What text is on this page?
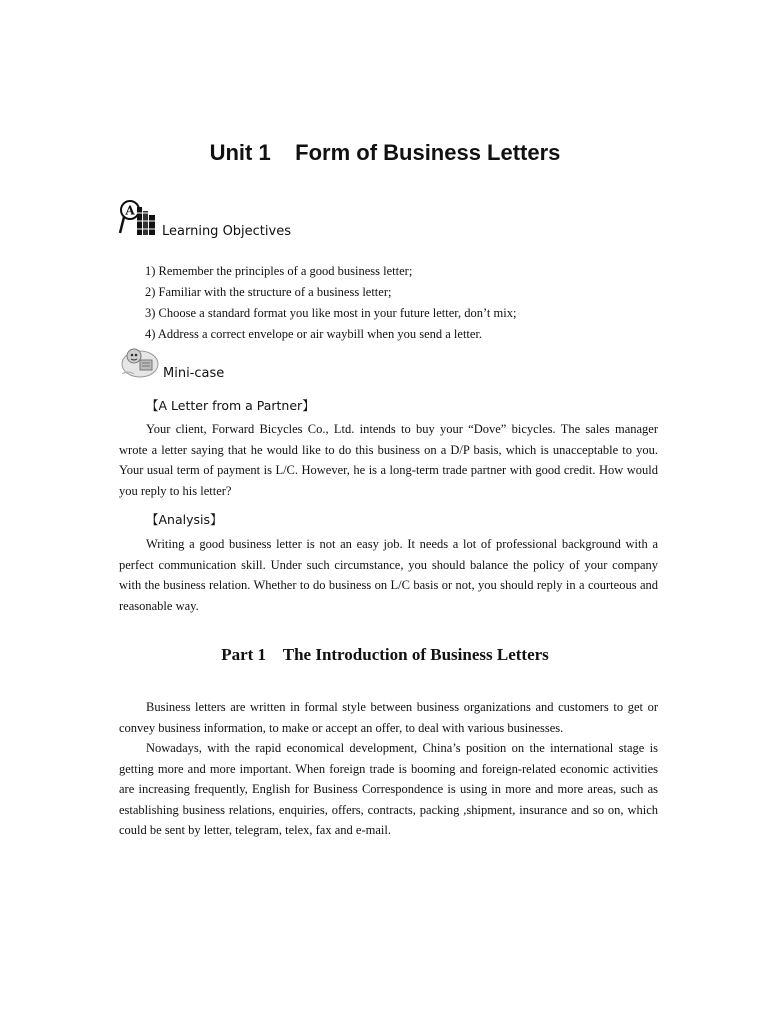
Unit 1    Form of Business Letters
A
Learning Objectives
1) Remember the principles of a good business letter;
2) Familiar with the structure of a business letter;
3) Choose a standard format you like most in your future letter, don’t mix;
4) Address a correct envelope or air waybill when you send a letter.
Mini-case
【A Letter from a Partner】

Your client, Forward Bicycles Co., Ltd. intends to buy your “Dove” bicycles. The sales manager wrote a letter saying that he would like to do this business on a D/P basis, which is unacceptable to you. Your usual term of payment is L/C. However, he is a long-term trade partner with good credit. How would you reply to his letter?

【Analysis】

Writing a good business letter is not an easy job. It needs a lot of professional background with a perfect communication skill. Under such circumstance, you should balance the policy of your company with the business relation. Whether to do business on L/C basis or not, you should reply in a courteous and reasonable way.

Part 1    The Introduction of Business Letters

Business letters are written in formal style between business organizations and customers to get or convey business information, to make or accept an offer, to deal with various businesses.

Nowadays, with the rapid economical development, China’s position on the international stage is getting more and more important. When foreign trade is booming and foreign-related economic activities are increasing frequently, English for Business Correspondence is using in more and more areas, such as establishing business relations, enquiries, offers, contracts, packing ,shipment, insurance and so on, which could be sent by letter, telegram, telex, fax and e-mail.
